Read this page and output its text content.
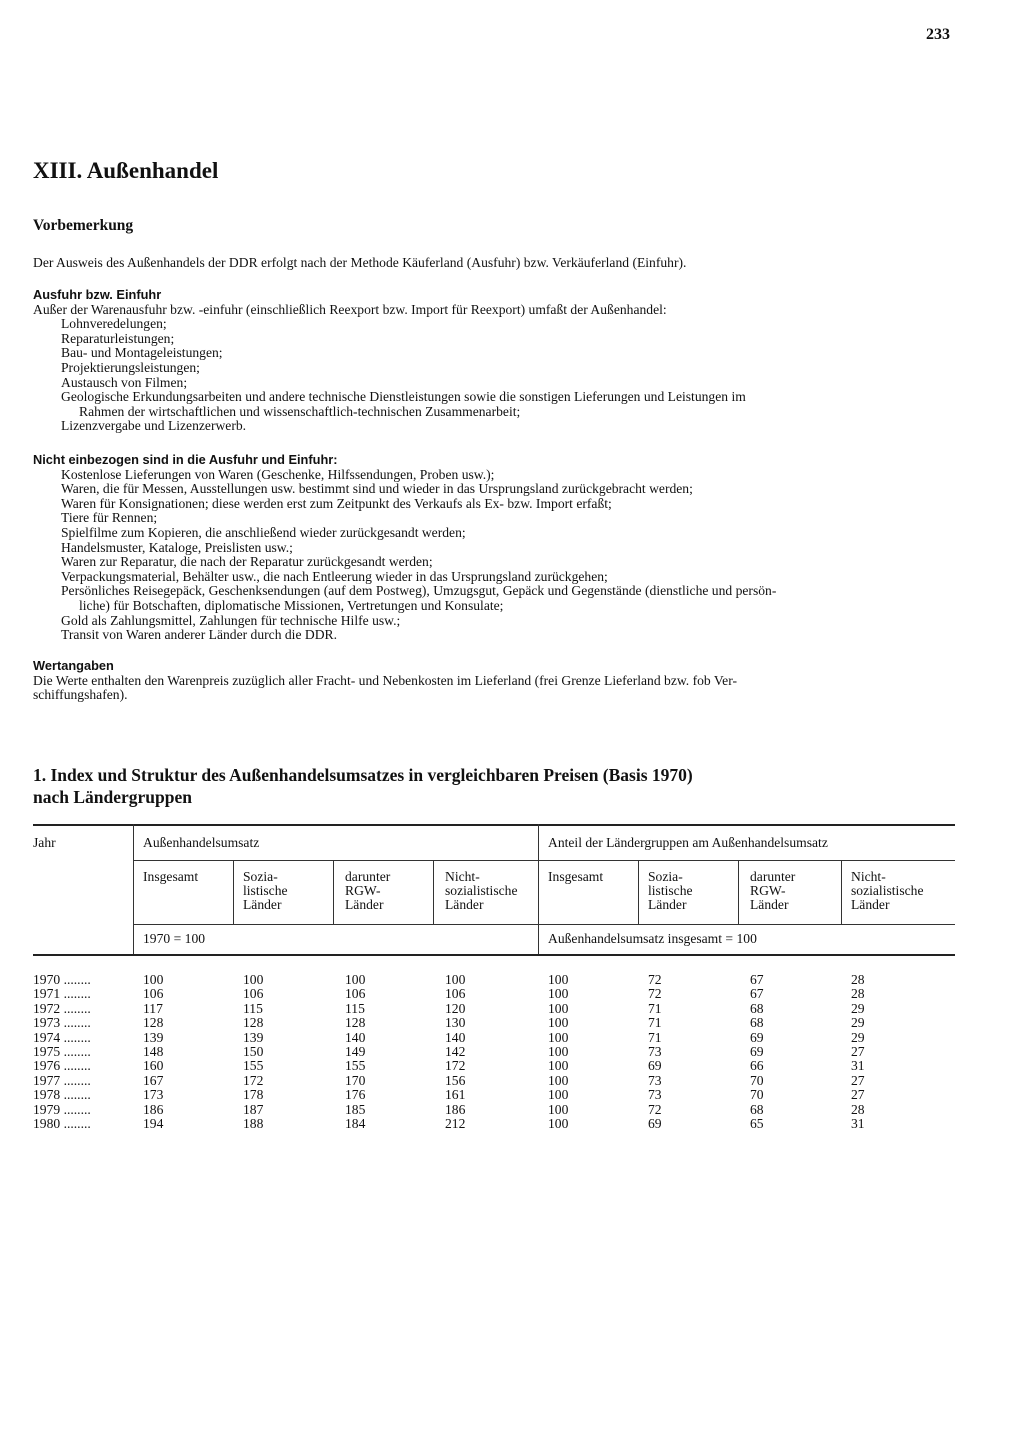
233
XIII. Außenhandel
Vorbemerkung

Der Ausweis des Außenhandels der DDR erfolgt nach der Methode Käuferland (Ausfuhr) bzw. Verkäuferland (Einfuhr).

Ausfuhr bzw. Einfuhr

Außer der Warenausfuhr bzw. -einfuhr (einschließlich Reexport bzw. Import für Reexport) umfaßt der Außenhandel:

Lohnveredelungen;
Reparaturleistungen;
Bau- und Montageleistungen;
Projektierungsleistungen;
Austausch von Filmen;
Geologische Erkundungsarbeiten und andere technische Dienstleistungen sowie die sonstigen Lieferungen und Leistungen im
Rahmen der wirtschaftlichen und wissenschaftlich-technischen Zusammenarbeit;
Lizenzvergabe und Lizenzerwerb.

Nicht einbezogen sind in die Ausfuhr und Einfuhr:

Kostenlose Lieferungen von Waren (Geschenke, Hilfssendungen, Proben usw.);
Waren, die für Messen, Ausstellungen usw. bestimmt sind und wieder in das Ursprungsland zurückgebracht werden;
Waren für Konsignationen; diese werden erst zum Zeitpunkt des Verkaufs als Ex- bzw. Import erfaßt;
Tiere für Rennen;
Spielfilme zum Kopieren, die anschließend wieder zurückgesandt werden;
Handelsmuster, Kataloge, Preislisten usw.;
Waren zur Reparatur, die nach der Reparatur zurückgesandt werden;
Verpackungsmaterial, Behälter usw., die nach Entleerung wieder in das Ursprungsland zurückgehen;
Persönliches Reisegepäck, Geschenksendungen (auf dem Postweg), Umzugsgut, Gepäck und Gegenstände (dienstliche und persön-
liche) für Botschaften, diplomatische Missionen, Vertretungen und Konsulate;
Gold als Zahlungsmittel, Zahlungen für technische Hilfe usw.;
Transit von Waren anderer Länder durch die DDR.

Wertangaben

Die Werte enthalten den Warenpreis zuzüglich aller Fracht- und Nebenkosten im Lieferland (frei Grenze Lieferland bzw. fob Ver-

schiffungshafen).

1. Index und Struktur des Außenhandelsumsatzes in vergleichbaren Preisen (Basis 1970)
nach Ländergruppen
Jahr	Außenhandelsumsatz	Anteil der Ländergruppen am Außenhandelsumsatz
Insgesamt	Sozia-
listische
Länder
darunter
RGW-
Länder
Nicht-
sozialistische
Länder
Insgesamt	Sozia-
listische
Länder
darunter
RGW-
Länder
Nicht-
sozialistische
Länder
1970 = 100	Außenhandelsumsatz insgesamt = 100
1970 ........	100	100	100	100	100	72	67	28
1971 ........	106	106	106	106	100	72	67	28
1972 ........	117	115	115	120	100	71	68	29
1973 ........	128	128	128	130	100	71	68	29
1974 ........	139	139	140	140	100	71	69	29
1975 ........	148	150	149	142	100	73	69	27
1976 ........	160	155	155	172	100	69	66	31
1977 ........	167	172	170	156	100	73	70	27
1978 ........	173	178	176	161	100	73	70	27
1979 ........	186	187	185	186	100	72	68	28
1980 ........	194	188	184	212	100	69	65	31
